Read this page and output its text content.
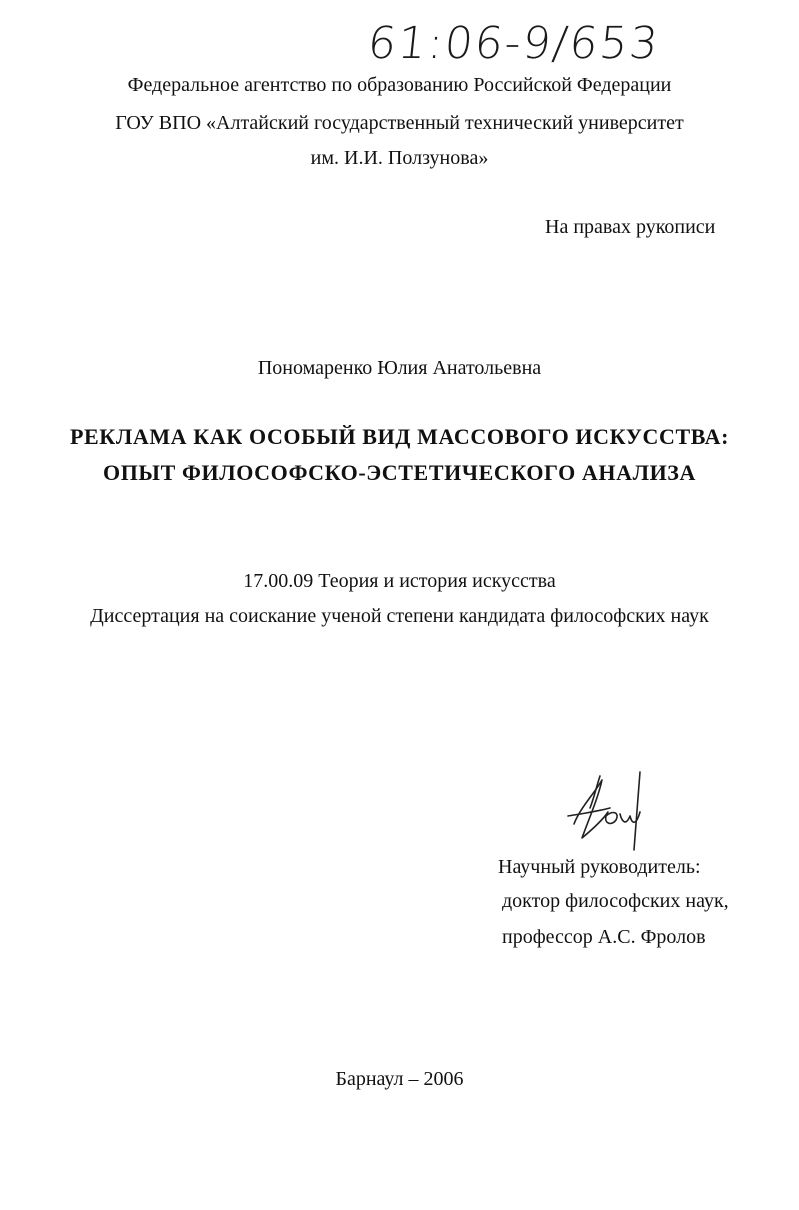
61:06-9/653
Федеральное агентство по образованию Российской Федерации
ГОУ ВПО «Алтайский государственный технический университет
им. И.И. Ползунова»
На правах рукописи
Пономаренко Юлия Анатольевна
РЕКЛАМА КАК ОСОБЫЙ ВИД МАССОВОГО ИСКУССТВА:
ОПЫТ ФИЛОСОФСКО-ЭСТЕТИЧЕСКОГО АНАЛИЗА
17.00.09 Теория и история искусства
Диссертация на соискание ученой степени кандидата философских наук
Научный руководитель:
доктор философских наук,
профессор А.С. Фролов
Барнаул – 2006
